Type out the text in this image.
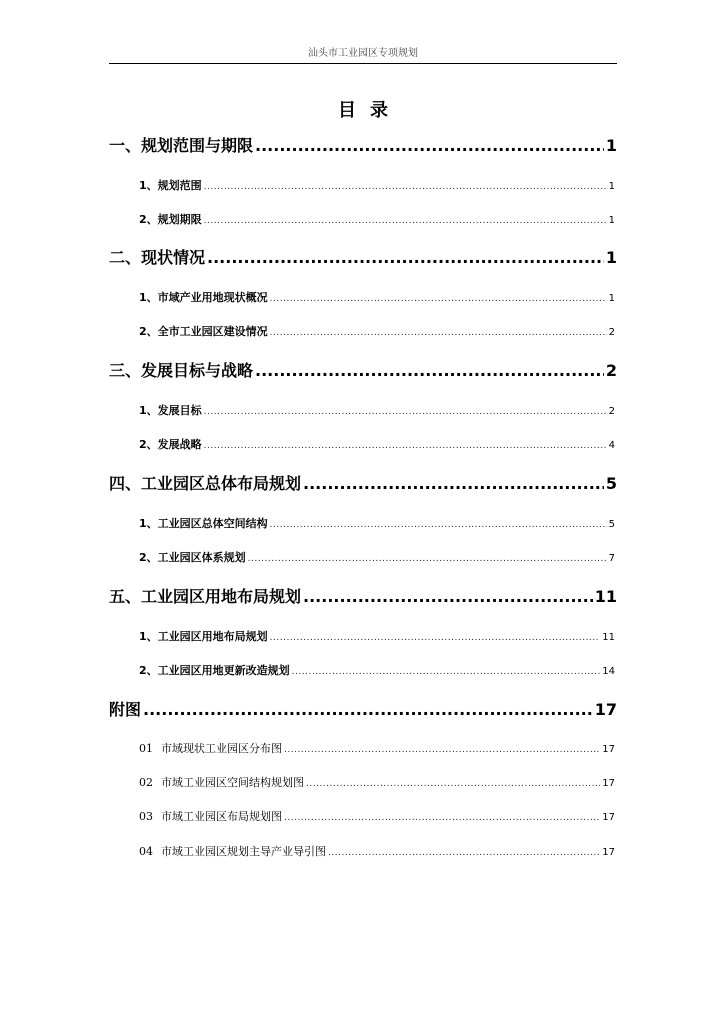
汕头市工业园区专项规划
目录
一、规划范围与期限 .....	1
1、规划范围 .....	1
2、规划期限 .....	1
二、现状情况 .....	1
1、市域产业用地现状概况 .....	1
2、全市工业园区建设情况 .....	2
三、发展目标与战略 .....	2
1、发展目标 .....	2
2、发展战略 .....	4
四、工业园区总体布局规划 .....	5
1、工业园区总体空间结构 .....	5
2、工业园区体系规划 .....	7
五、工业园区用地布局规划 .....	11
1、工业园区用地布局规划 .....	11
2、工业园区用地更新改造规划 .....	14
附图 .....	17
01 市域现状工业园区分布图 .....	17
02 市域工业园区空间结构规划图 .....	17
03 市域工业园区布局规划图 .....	17
04 市域工业园区规划主导产业导引图 .....	17
